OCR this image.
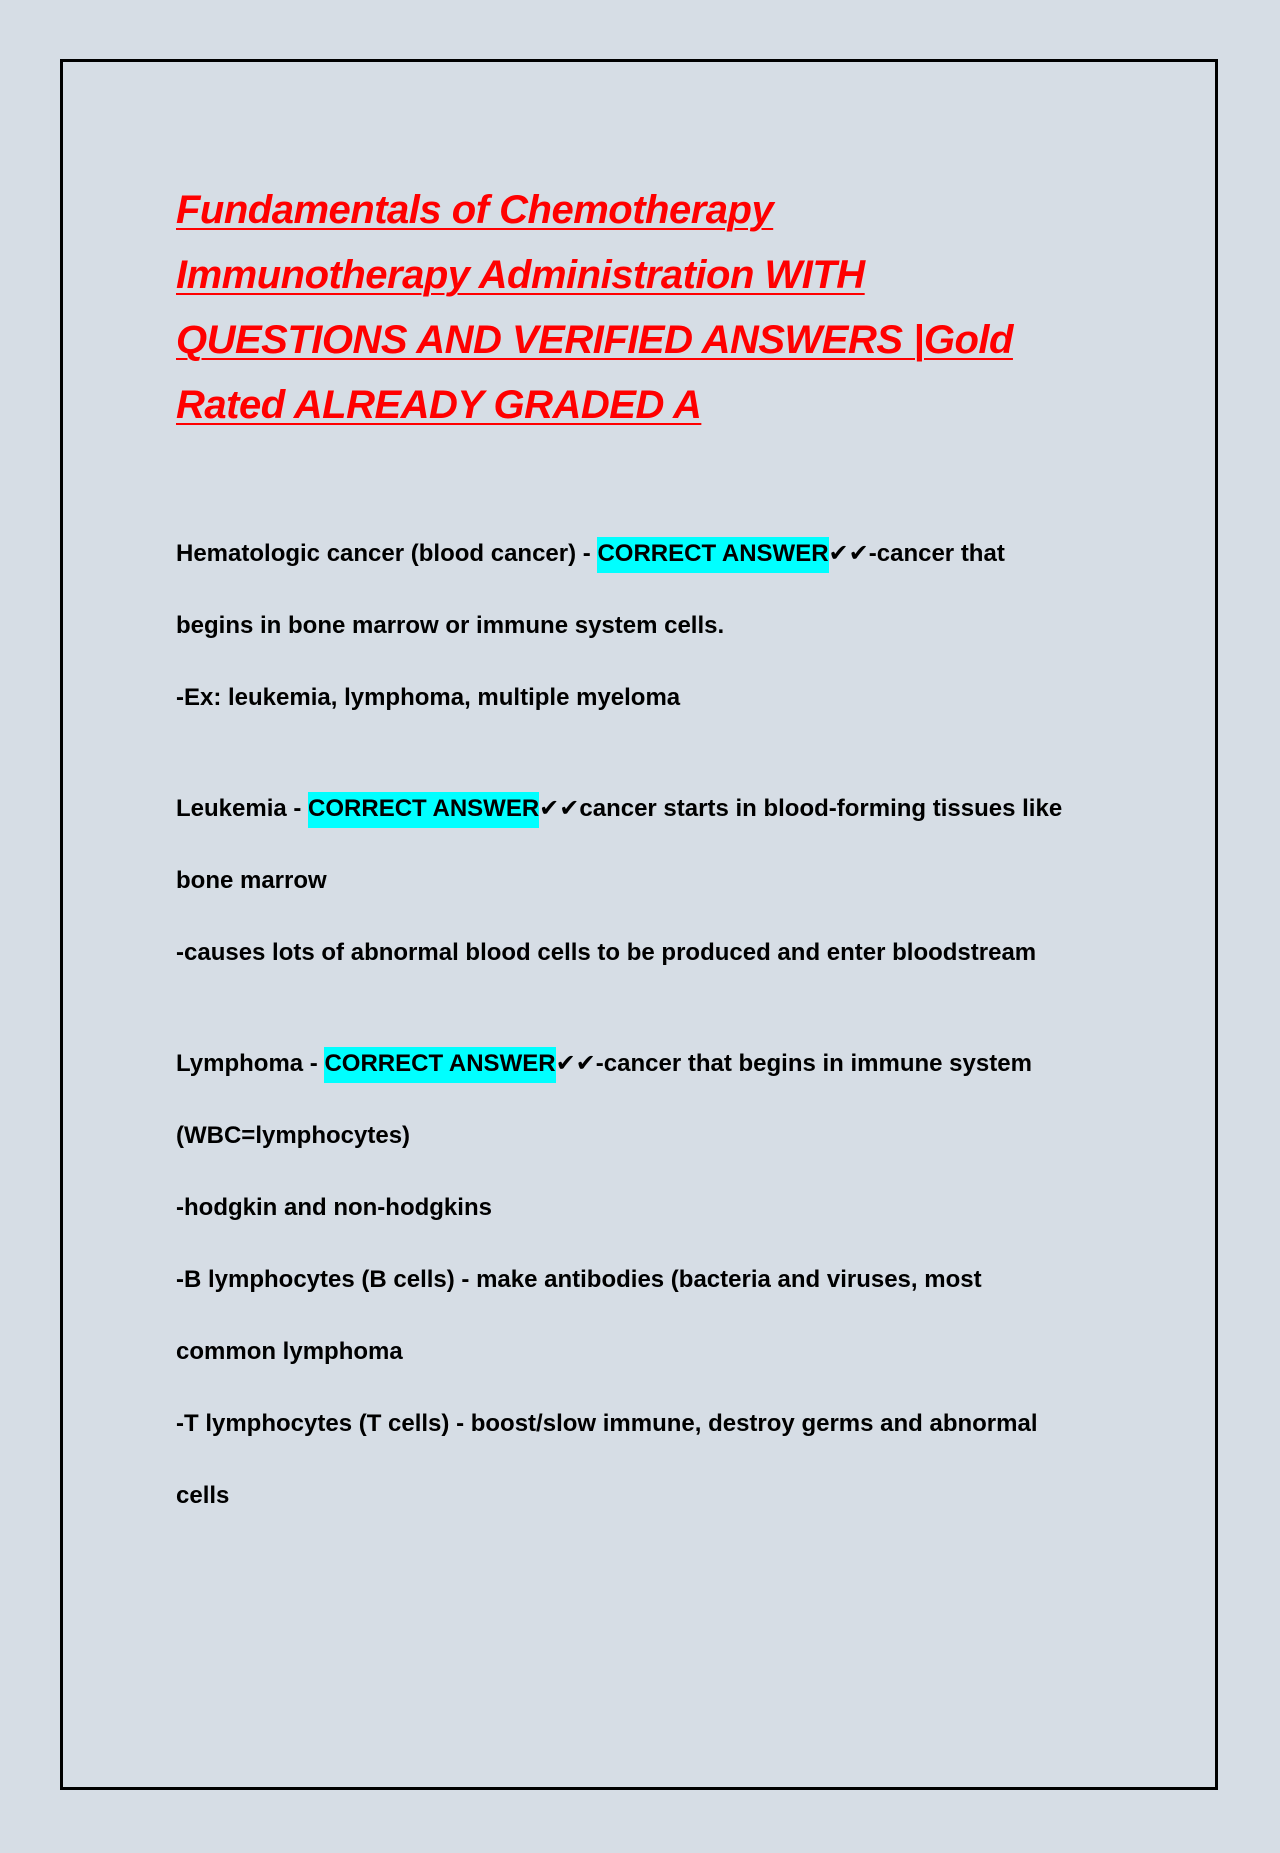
Fundamentals of Chemotherapy
Immunotherapy Administration WITH
QUESTIONS AND VERIFIED ANSWERS |Gold
Rated ALREADY GRADED A

Hematologic cancer (blood cancer) - CORRECT ANSWER✔✔-cancer that

begins in bone marrow or immune system cells.

-Ex: leukemia, lymphoma, multiple myeloma

Leukemia - CORRECT ANSWER✔✔cancer starts in blood-forming tissues like

bone marrow

-causes lots of abnormal blood cells to be produced and enter bloodstream

Lymphoma - CORRECT ANSWER✔✔-cancer that begins in immune system

(WBC=lymphocytes)

-hodgkin and non-hodgkins

-B lymphocytes (B cells) - make antibodies (bacteria and viruses, most

common lymphoma

-T lymphocytes (T cells) - boost/slow immune, destroy germs and abnormal

cells
